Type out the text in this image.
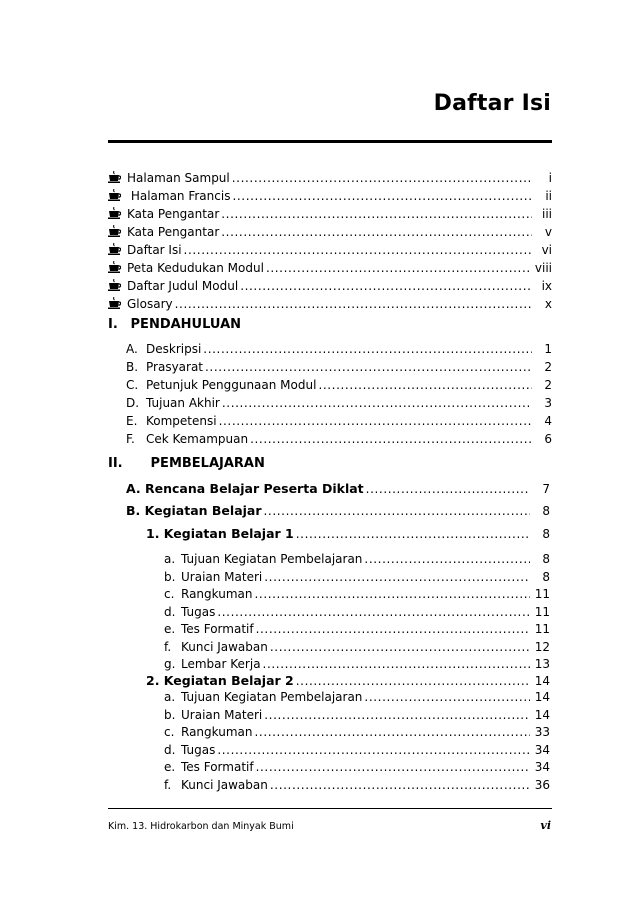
Daftar Isi
Halaman Sampul .....	i
Halaman Francis .....	ii
Kata Pengantar .....	iii
Kata Pengantar .....	v
Daftar Isi .....	vi
Peta Kedudukan Modul .....	viii
Daftar Judul Modul .....	ix
Glosary .....	x
I. PENDAHULUAN
A. Deskripsi .....	1
B. Prasyarat .....	2
C. Petunjuk Penggunaan Modul .....	2
D. Tujuan Akhir .....	3
E. Kompetensi .....	4
F. Cek Kemampuan .....	6
II. PEMBELAJARAN
A. Rencana Belajar Peserta Diklat .....	7
B. Kegiatan Belajar .....	8
1. Kegiatan Belajar 1 .....	8
a. Tujuan Kegiatan Pembelajaran .....	8
b. Uraian Materi .....	8
c. Rangkuman .....	11
d. Tugas .....	11
e. Tes Formatif .....	11
f. Kunci Jawaban .....	12
g. Lembar Kerja .....	13
2. Kegiatan Belajar 2 .....	14
a. Tujuan Kegiatan Pembelajaran .....	14
b. Uraian Materi .....	14
c. Rangkuman .....	33
d. Tugas .....	34
e. Tes Formatif .....	34
f. Kunci Jawaban .....	36
Kim. 13. Hidrokarbon dan Minyak Bumi	vi
